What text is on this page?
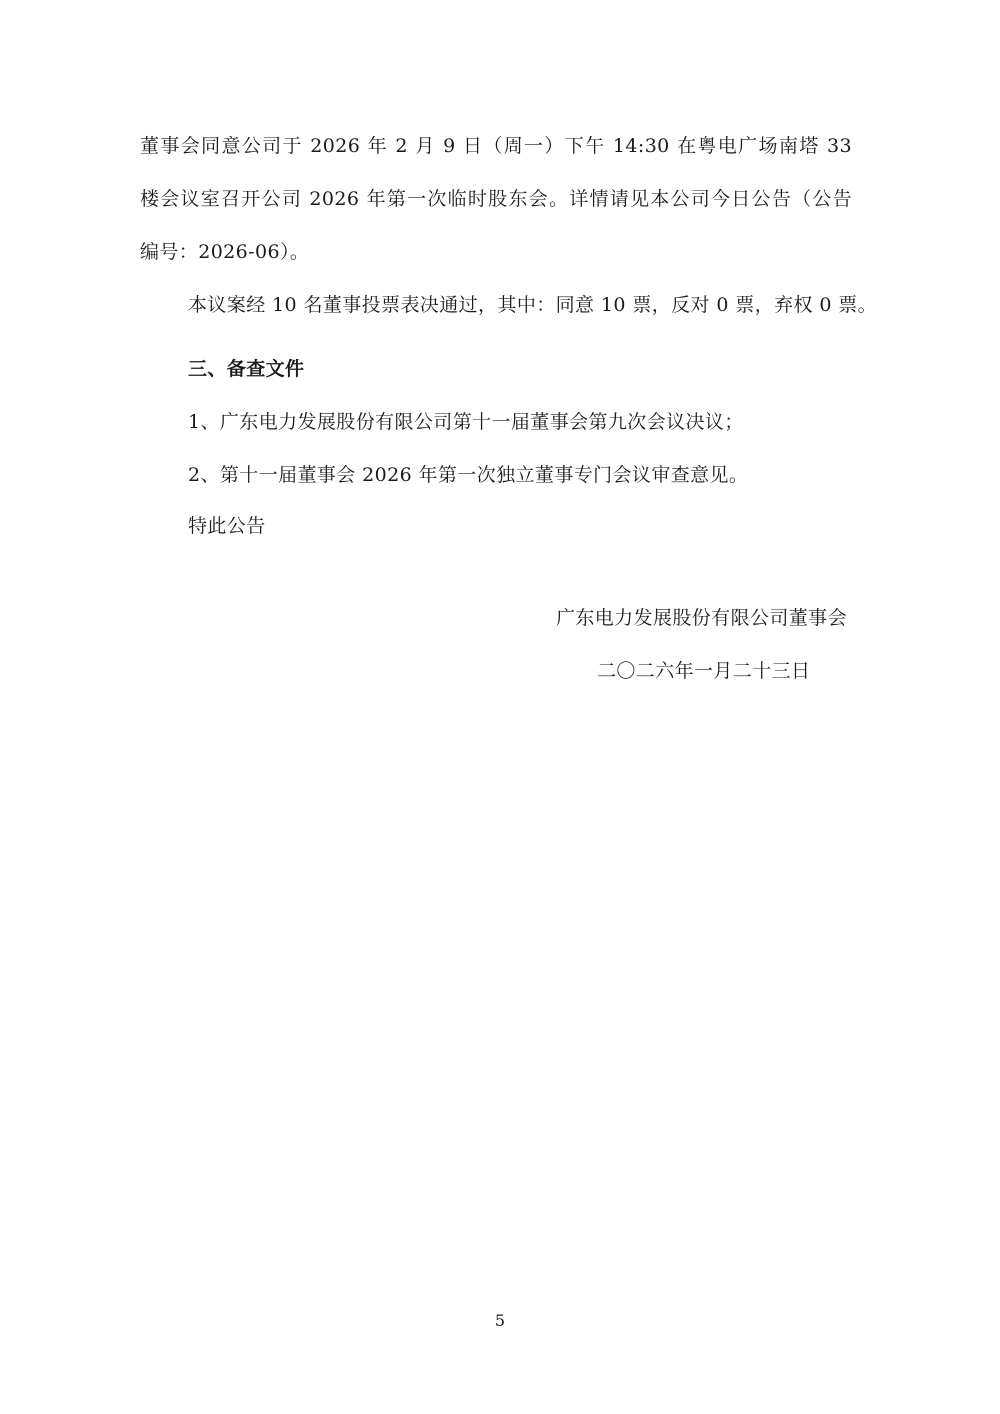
董事会同意公司于 2026 年 2 月 9 日（周一）下午 14:30 在粤电广场南塔 33
楼会议室召开公司 2026 年第一次临时股东会。详情请见本公司今日公告（公告
编号：2026-06）。
本议案经 10 名董事投票表决通过，其中：同意 10 票，反对 0 票，弃权 0 票。
三、备查文件
1、广东电力发展股份有限公司第十一届董事会第九次会议决议；
2、第十一届董事会 2026 年第一次独立董事专门会议审查意见。
特此公告
广东电力发展股份有限公司董事会
二〇二六年一月二十三日
5
